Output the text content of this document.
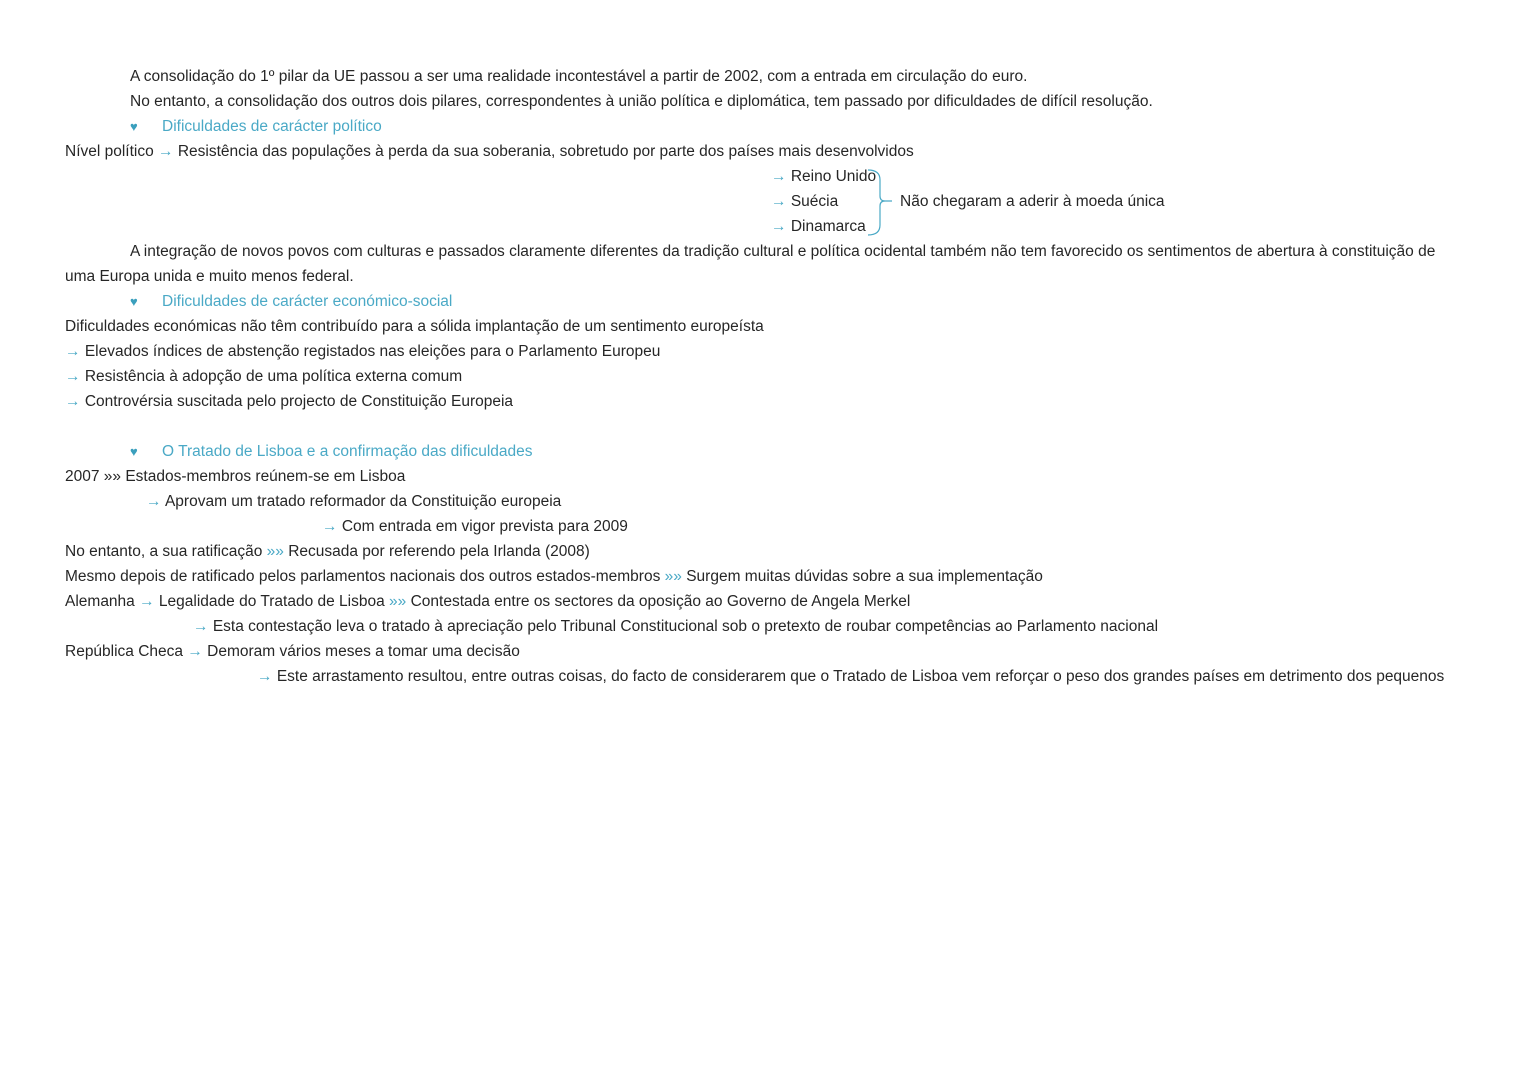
A consolidação do 1º pilar da UE passou a ser uma realidade incontestável a partir de 2002, com a entrada em circulação do euro.
No entanto, a consolidação dos outros dois pilares, correspondentes à união política e diplomática, tem passado por dificuldades de difícil resolução.
♥ Dificuldades de carácter político
Nível político → Resistência das populações à perda da sua soberania, sobretudo por parte dos países mais desenvolvidos
→ Reino Unido
→ Suécia
→ Dinamarca
Não chegaram a aderir à moeda única
A integração de novos povos com culturas e passados claramente diferentes da tradição cultural e política ocidental também não tem favorecido os sentimentos de abertura à constituição de
uma Europa unida e muito menos federal.
♥ Dificuldades de carácter económico-social
Dificuldades económicas não têm contribuído para a sólida implantação de um sentimento europeísta
→ Elevados índices de abstenção registados nas eleições para o Parlamento Europeu
→ Resistência à adopção de uma política externa comum
→ Controvérsia suscitada pelo projecto de Constituição Europeia
♥ O Tratado de Lisboa e a confirmação das dificuldades
2007 »» Estados-membros reúnem-se em Lisboa
→ Aprovam um tratado reformador da Constituição europeia
→ Com entrada em vigor prevista para 2009
No entanto, a sua ratificação »» Recusada por referendo pela Irlanda (2008)
Mesmo depois de ratificado pelos parlamentos nacionais dos outros estados-membros »» Surgem muitas dúvidas sobre a sua implementação
Alemanha → Legalidade do Tratado de Lisboa »» Contestada entre os sectores da oposição ao Governo de Angela Merkel
→ Esta contestação leva o tratado à apreciação pelo Tribunal Constitucional sob o pretexto de roubar competências ao Parlamento nacional
República Checa → Demoram vários meses a tomar uma decisão
→ Este arrastamento resultou, entre outras coisas, do facto de considerarem que o Tratado de Lisboa vem reforçar o peso dos grandes países em detrimento dos pequenos
